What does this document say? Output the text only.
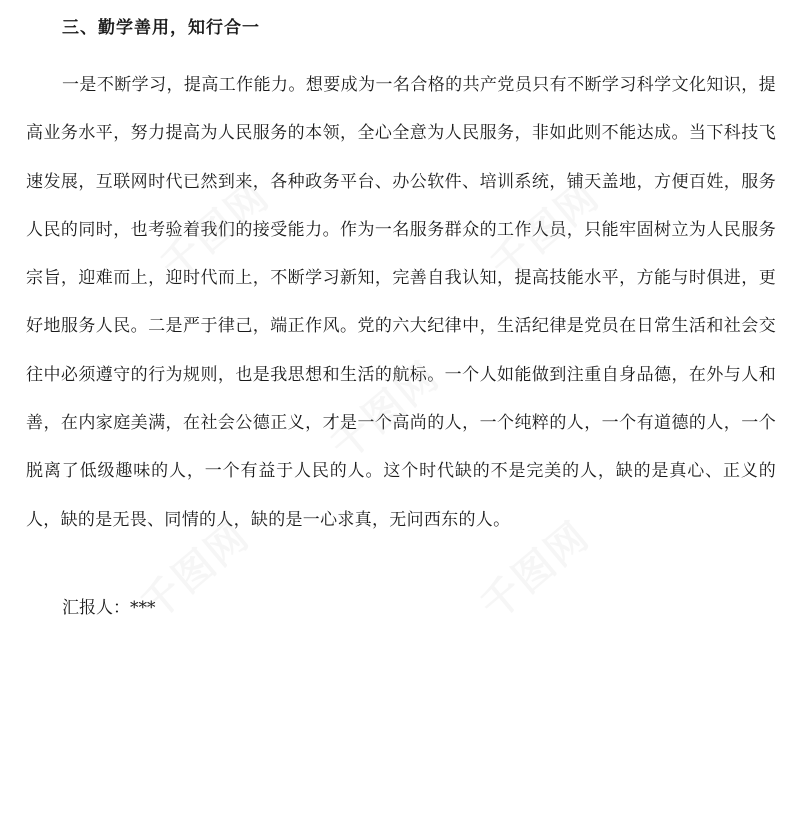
三、勤学善用，知行合一

一是不断学习，提高工作能力。想要成为一名合格的共产党员只有不断学习科学文化知识，提高业务水平，努力提高为人民服务的本领，全心全意为人民服务，非如此则不能达成。当下科技飞速发展，互联网时代已然到来，各种政务平台、办公软件、培训系统，铺天盖地，方便百姓，服务人民的同时，也考验着我们的接受能力。作为一名服务群众的工作人员，只能牢固树立为人民服务宗旨，迎难而上，迎时代而上，不断学习新知，完善自我认知，提高技能水平，方能与时俱进，更好地服务人民。二是严于律己，端正作风。党的六大纪律中，生活纪律是党员在日常生活和社会交往中必须遵守的行为规则，也是我思想和生活的航标。一个人如能做到注重自身品德，在外与人和善，在内家庭美满，在社会公德正义，才是一个高尚的人，一个纯粹的人，一个有道德的人，一个脱离了低级趣味的人，一个有益于人民的人。这个时代缺的不是完美的人，缺的是真心、正义的人，缺的是无畏、同情的人，缺的是一心求真，无问西东的人。

汇报人：***
千图网	千图网
千图网
千图网	千图网
